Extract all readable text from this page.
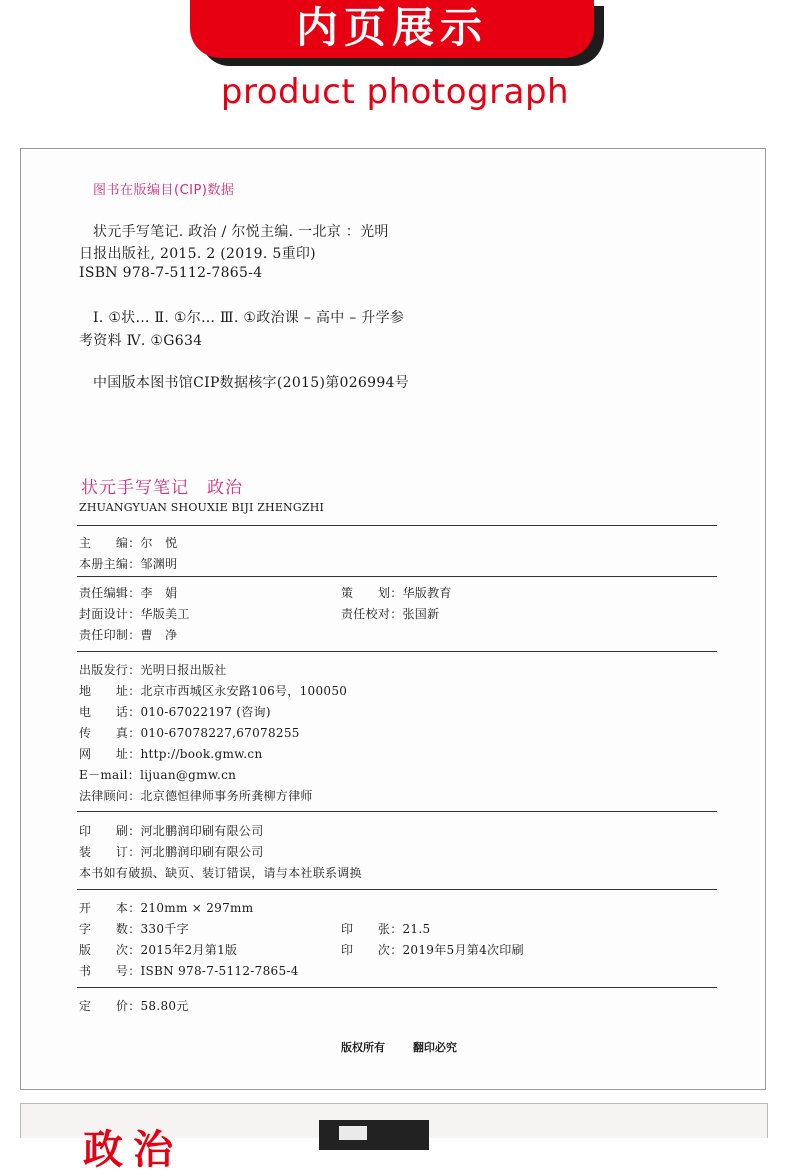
内页展示
product photograph
图书在版编目(CIP)数据
状元手写笔记. 政治 / 尔悦主编. 一北京 ：光明
日报出版社, 2015. 2 (2019. 5重印)
ISBN 978-7-5112-7865-4
Ⅰ. ①状… Ⅱ. ①尔… Ⅲ. ①政治课 – 高中 – 升学参
考资料 Ⅳ. ①G634
中国版本图书馆CIP数据核字(2015)第026994号
状元手写笔记　政治
ZHUANGYUAN SHOUXIE BIJI ZHENGZHI
主　　编：尔　悦
本册主编：邹渊明
责任编辑：李　娟	策　　划：华版教育
封面设计：华版美工	责任校对：张国新
责任印制：曹　净
出版发行：光明日报出版社
地　　址：北京市西城区永安路106号，100050
电　　话：010-67022197 (咨询)
传　　真：010-67078227,67078255
网　　址：http://book.gmw.cn
E－mail：lijuan@gmw.cn
法律顾问：北京德恒律师事务所龚柳方律师
印　　刷：河北鹏润印刷有限公司
装　　订：河北鹏润印刷有限公司
本书如有破损、缺页、装订错误，请与本社联系调换
开　　本：210mm × 297mm
字　　数：330千字	印　　张：21.5
版　　次：2015年2月第1版	印　　次：2019年5月第4次印刷
书　　号：ISBN 978-7-5112-7865-4
定　　价：58.80元
版权所有	翻印必究
政治
